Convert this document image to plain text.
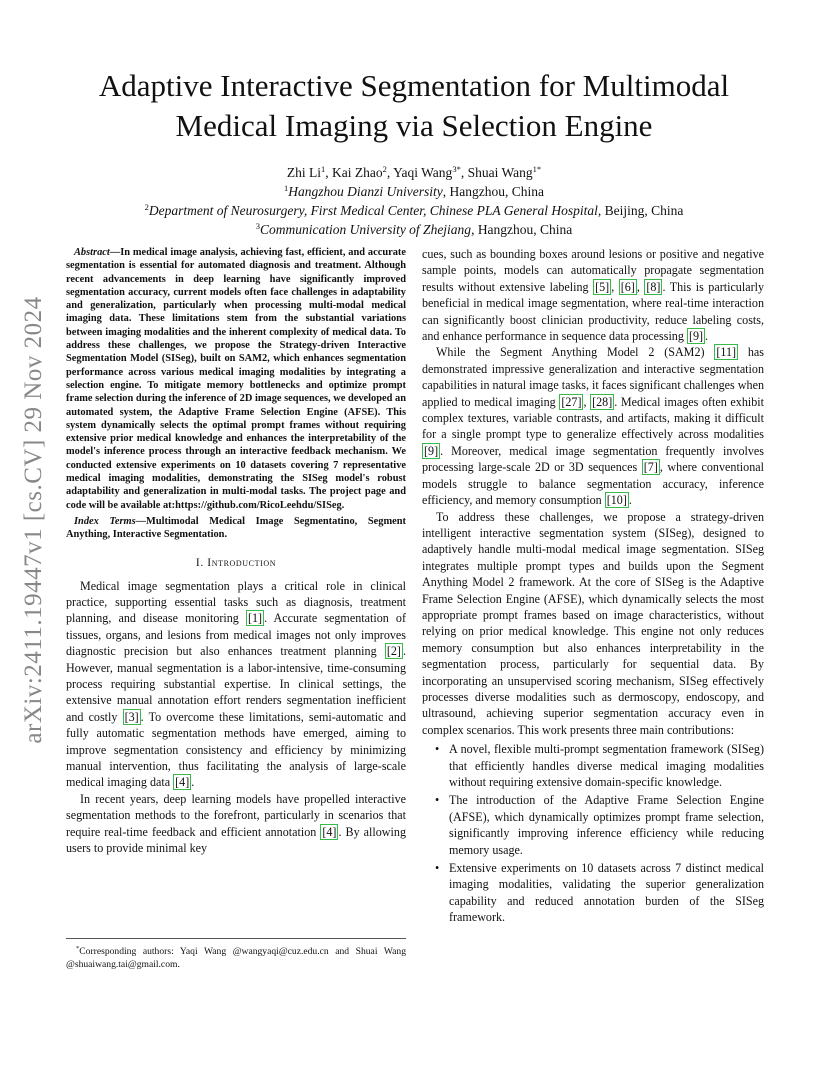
arXiv:2411.19447v1 [cs.CV] 29 Nov 2024
Adaptive Interactive Segmentation for Multimodal
Medical Imaging via Selection Engine
Zhi Li$^1$, Kai Zhao$^2$, Yaqi Wang$^{3*}$, Shuai Wang$^{1*}$
$^1$Hangzhou Dianzi University, Hangzhou, China
$^2$Department of Neurosurgery, First Medical Center, Chinese PLA General Hospital, Beijing, China
$^3$Communication University of Zhejiang, Hangzhou, China

Abstract—In medical image analysis, achieving fast, efficient, and accurate segmentation is essential for automated diagnosis and treatment. Although recent advancements in deep learning have significantly improved segmentation accuracy, current models often face challenges in adaptability and generalization, particularly when processing multi-modal medical imaging data. These limitations stem from the substantial variations between imaging modalities and the inherent complexity of medical data. To address these challenges, we propose the Strategy-driven Interactive Segmentation Model (SISeg), built on SAM2, which enhances segmentation performance across various medical imaging modalities by integrating a selection engine. To mitigate memory bottlenecks and optimize prompt frame selection during the inference of 2D image sequences, we developed an automated system, the Adaptive Frame Selection Engine (AFSE). This system dynamically selects the optimal prompt frames without requiring extensive prior medical knowledge and enhances the interpretability of the model's inference process through an interactive feedback mechanism. We conducted extensive experiments on 10 datasets covering 7 representative medical imaging modalities, demonstrating the SISeg model's robust adaptability and generalization in multi-modal tasks. The project page and code will be available at:https://github.com/RicoLeehdu/SISeg.

Index Terms—Multimodal Medical Image Segmentatino, Segment Anything, Interactive Segmentation.

I. Introduction

Medical image segmentation plays a critical role in clinical practice, supporting essential tasks such as diagnosis, treatment planning, and disease monitoring [1] . Accurate segmentation of tissues, organs, and lesions from medical images not only improves diagnostic precision but also enhances treatment planning [2] . However, manual segmentation is a labor-intensive, time-consuming process requiring substantial expertise. In clinical settings, the extensive manual annotation effort renders segmentation inefficient and costly [3] . To overcome these limitations, semi-automatic and fully automatic segmentation methods have emerged, aiming to improve segmentation consistency and efficiency by minimizing manual intervention, thus facilitating the analysis of large-scale medical imaging data [4] .

In recent years, deep learning models have propelled interactive segmentation methods to the forefront, particularly in scenarios that require real-time feedback and efficient annotation [4] . By allowing users to provide minimal key

*Corresponding authors: Yaqi Wang @wangyaqi@cuz.edu.cn and Shuai Wang @shuaiwang.tai@gmail.com.

cues, such as bounding boxes around lesions or positive and negative sample points, models can automatically propagate segmentation results without extensive labeling [5] , [6] , [8] . This is particularly beneficial in medical image segmentation, where real-time interaction can significantly boost clinician productivity, reduce labeling costs, and enhance performance in sequence data processing [9] .

While the Segment Anything Model 2 (SAM2) [11] has demonstrated impressive generalization and interactive segmentation capabilities in natural image tasks, it faces significant challenges when applied to medical imaging [27] , [28] . Medical images often exhibit complex textures, variable contrasts, and artifacts, making it difficult for a single prompt type to generalize effectively across modalities [9] . Moreover, medical image segmentation frequently involves processing large-scale 2D or 3D sequences [7] , where conventional models struggle to balance segmentation accuracy, inference efficiency, and memory consumption [10] .

To address these challenges, we propose a strategy-driven intelligent interactive segmentation system (SISeg), designed to adaptively handle multi-modal medical image segmentation. SISeg integrates multiple prompt types and builds upon the Segment Anything Model 2 framework. At the core of SISeg is the Adaptive Frame Selection Engine (AFSE), which dynamically selects the most appropriate prompt frames based on image characteristics, without relying on prior medical knowledge. This engine not only reduces memory consumption but also enhances interpretability in the segmentation process, particularly for sequential data. By incorporating an unsupervised scoring mechanism, SISeg effectively processes diverse modalities such as dermoscopy, endoscopy, and ultrasound, achieving superior segmentation accuracy even in complex scenarios. This work presents three main contributions:

• A novel, flexible multi-prompt segmentation framework (SISeg) that efficiently handles diverse medical imaging modalities without requiring extensive domain-specific knowledge.
• The introduction of the Adaptive Frame Selection Engine (AFSE), which dynamically optimizes prompt frame selection, significantly improving inference efficiency while reducing memory usage.
• Extensive experiments on 10 datasets across 7 distinct medical imaging modalities, validating the superior generalization capability and reduced annotation burden of the SISeg framework.
